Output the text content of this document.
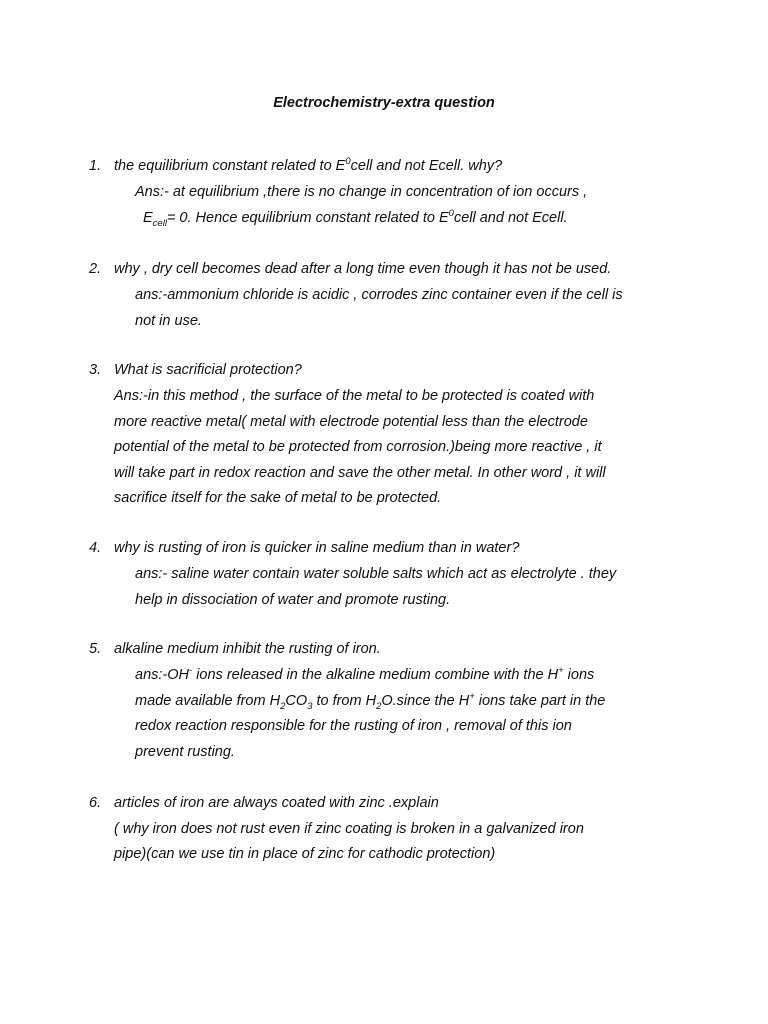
Electrochemistry-extra question
1. the equilibrium constant related to $E^0cell$ and not Ecell. why?
Ans:- at equilibrium ,there is no change in concentration of ion occurs ,
$E_{cell}= 0$. Hence equilibrium constant related to $E^0cell$ and not Ecell.
2. why , dry cell becomes dead after a long time even though it has not be used.
ans:-ammonium chloride is acidic , corrodes zinc container even if the cell is
not in use.
3. What is sacrificial protection?
Ans:-in this method , the surface of the metal to be protected is coated with
more reactive metal( metal with electrode potential less than the electrode
potential of the metal to be protected from corrosion.)being more reactive , it
will take part in redox reaction and save the other metal. In other word , it will
sacrifice itself for the sake of metal to be protected.
4. why is rusting of iron is quicker in saline medium than in water?
ans:- saline water contain water soluble salts which act as electrolyte . they
help in dissociation of water and promote rusting.
5. alkaline medium inhibit the rusting of iron.
ans:-OH- ions released in the alkaline medium combine with the H+ ions
made available from $H_2CO_3$ to from $H_2O.since$ the H+ ions take part in the
redox reaction responsible for the rusting of iron , removal of this ion
prevent rusting.
6. articles of iron are always coated with zinc .explain
( why iron does not rust even if zinc coating is broken in a galvanized iron
pipe)(can we use tin in place of zinc for cathodic protection)
